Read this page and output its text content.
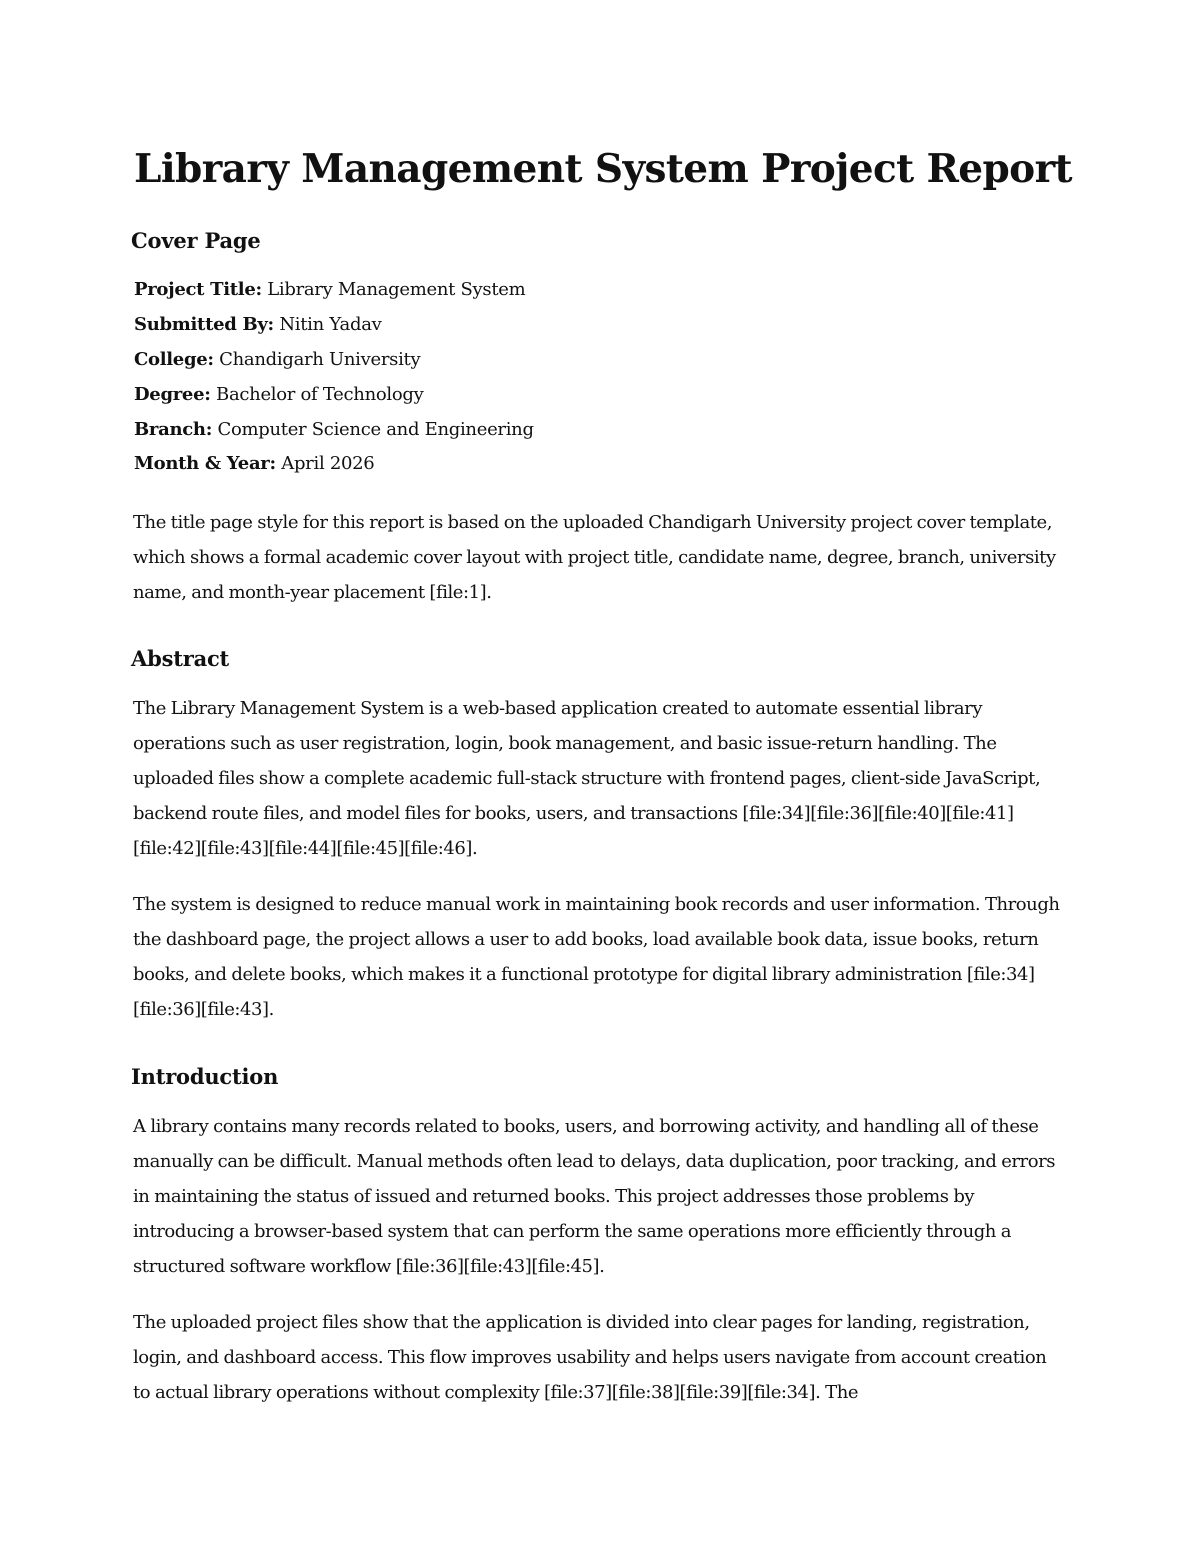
Library Management System Project Report
Cover Page

Project Title: Library Management System

Submitted By: Nitin Yadav

College: Chandigarh University

Degree: Bachelor of Technology

Branch: Computer Science and Engineering

Month & Year: April 2026

The title page style for this report is based on the uploaded Chandigarh University project cover template, which shows a formal academic cover layout with project title, candidate name, degree, branch, university name, and month-year placement [file:1].

Abstract

The Library Management System is a web-based application created to automate essential library operations such as user registration, login, book management, and basic issue-return handling. The uploaded files show a complete academic full-stack structure with frontend pages, client-side JavaScript, backend route files, and model files for books, users, and transactions [file:34][file:36][file:40][file:41][file:42][file:43][file:44][file:45][file:46].

The system is designed to reduce manual work in maintaining book records and user information. Through the dashboard page, the project allows a user to add books, load available book data, issue books, return books, and delete books, which makes it a functional prototype for digital library administration [file:34][file:36][file:43].

Introduction

A library contains many records related to books, users, and borrowing activity, and handling all of these manually can be difficult. Manual methods often lead to delays, data duplication, poor tracking, and errors in maintaining the status of issued and returned books. This project addresses those problems by introducing a browser-based system that can perform the same operations more efficiently through a structured software workflow [file:36][file:43][file:45].

The uploaded project files show that the application is divided into clear pages for landing, registration, login, and dashboard access. This flow improves usability and helps users navigate from account creation to actual library operations without complexity [file:37][file:38][file:39][file:34]. The
